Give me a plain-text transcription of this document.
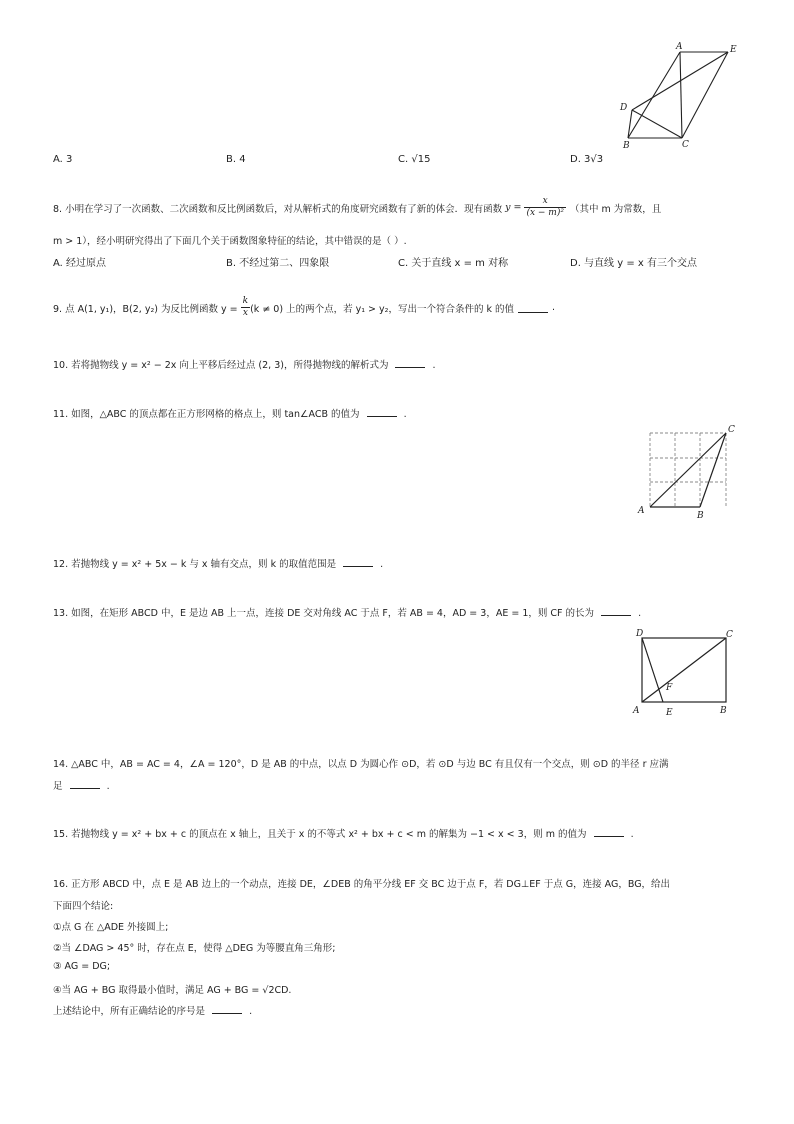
A	E
D
B	C
A. 3	B. 4	C. √15	D. 3√3
8. 小明在学习了一次函数、二次函数和反比例函数后，对从解析式的角度研究函数有了新的体会．现有函数 $y = \frac{x}{\text{(x − m)²}}$ （其中 m 为常数，且
m > 1），经小明研究得出了下面几个关于函数图象特征的结论，其中错误的是（ ）.
A. 经过原点	B. 不经过第二、四象限	C. 关于直线 x = m 对称	D. 与直线 y = x 有三个交点
9. 点 A(1, y₁)，B(2, y₂) 为反比例函数 $y = \frac{k}{x} (k \ne 0)$ 上的两个点，若 y₁ > y₂，写出一个符合条件的 k 的值	.
10. 若将抛物线 y = x² − 2x 向上平移后经过点 (2, 3)，所得抛物线的解析式为	.
11. 如图，△ABC 的顶点都在正方形网格的格点上，则 tan∠ACB 的值为	.
A	B
C
12. 若抛物线 y = x² + 5x − k 与 x 轴有交点，则 k 的取值范围是	.
13. 如图，在矩形 ABCD 中，E 是边 AB 上一点，连接 DE 交对角线 AC 于点 F，若 AB = 4，AD = 3，AE = 1，则 CF 的长为	.
D	C
F
A	E	B
14. △ABC 中，AB = AC = 4，∠A = 120°，D 是 AB 的中点，以点 D 为圆心作 ⊙D，若 ⊙D 与边 BC 有且仅有一个交点，则 ⊙D 的半径 r 应满
足	.
15. 若抛物线 y = x² + bx + c 的顶点在 x 轴上，且关于 x 的不等式 x² + bx + c < m 的解集为 −1 < x < 3，则 m 的值为	.
16. 正方形 ABCD 中，点 E 是 AB 边上的一个动点，连接 DE，∠DEB 的角平分线 EF 交 BC 边于点 F，若 DG⊥EF 于点 G，连接 AG，BG，给出
下面四个结论:
①点 G 在 △ADE 外接圆上;
②当 ∠DAG > 45° 时，存在点 E，使得 △DEG 为等腰直角三角形;
③ AG = DG;
④当 AG + BG 取得最小值时，满足 AG + BG = √2CD.
上述结论中，所有正确结论的序号是	.
